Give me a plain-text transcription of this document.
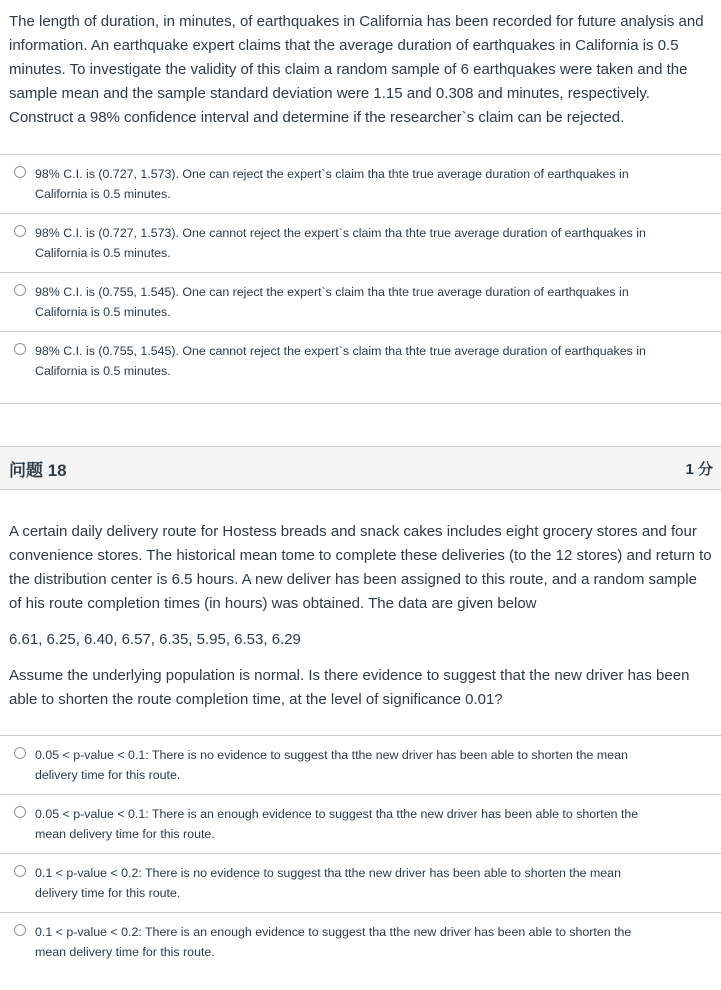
The length of duration, in minutes, of earthquakes in California has been recorded for future analysis and information. An earthquake expert claims that the average duration of earthquakes in California is 0.5 minutes. To investigate the validity of this claim a random sample of 6 earthquakes were taken and the sample mean and the sample standard deviation were 1.15 and 0.308 and minutes, respectively. Construct a 98% confidence interval and determine if the researcher`s claim can be rejected.

98% C.I. is (0.727, 1.573). One can reject the expert`s claim tha thte true average duration of earthquakes in
California is 0.5 minutes.
98% C.I. is (0.727, 1.573). One cannot reject the expert`s claim tha thte true average duration of earthquakes in
California is 0.5 minutes.
98% C.I. is (0.755, 1.545). One can reject the expert`s claim tha thte true average duration of earthquakes in
California is 0.5 minutes.
98% C.I. is (0.755, 1.545). One cannot reject the expert`s claim tha thte true average duration of earthquakes in
California is 0.5 minutes.
问题 18	1 分

A certain daily delivery route for Hostess breads and snack cakes includes eight grocery stores and four convenience stores. The historical mean tome to complete these deliveries (to the 12 stores) and return to the distribution center is 6.5 hours. A new deliver has been assigned to this route, and a random sample of his route completion times (in hours) was obtained. The data are given below

6.61, 6.25, 6.40, 6.57, 6.35, 5.95, 6.53, 6.29

Assume the underlying population is normal. Is there evidence to suggest that the new driver has been able to shorten the route completion time, at the level of significance 0.01?

0.05 < p-value < 0.1: There is no evidence to suggest tha tthe new driver has been able to shorten the mean
delivery time for this route.
0.05 < p-value < 0.1: There is an enough evidence to suggest tha tthe new driver has been able to shorten the
mean delivery time for this route.
0.1 < p-value < 0.2: There is no evidence to suggest tha tthe new driver has been able to shorten the mean
delivery time for this route.
0.1 < p-value < 0.2: There is an enough evidence to suggest tha tthe new driver has been able to shorten the
mean delivery time for this route.
